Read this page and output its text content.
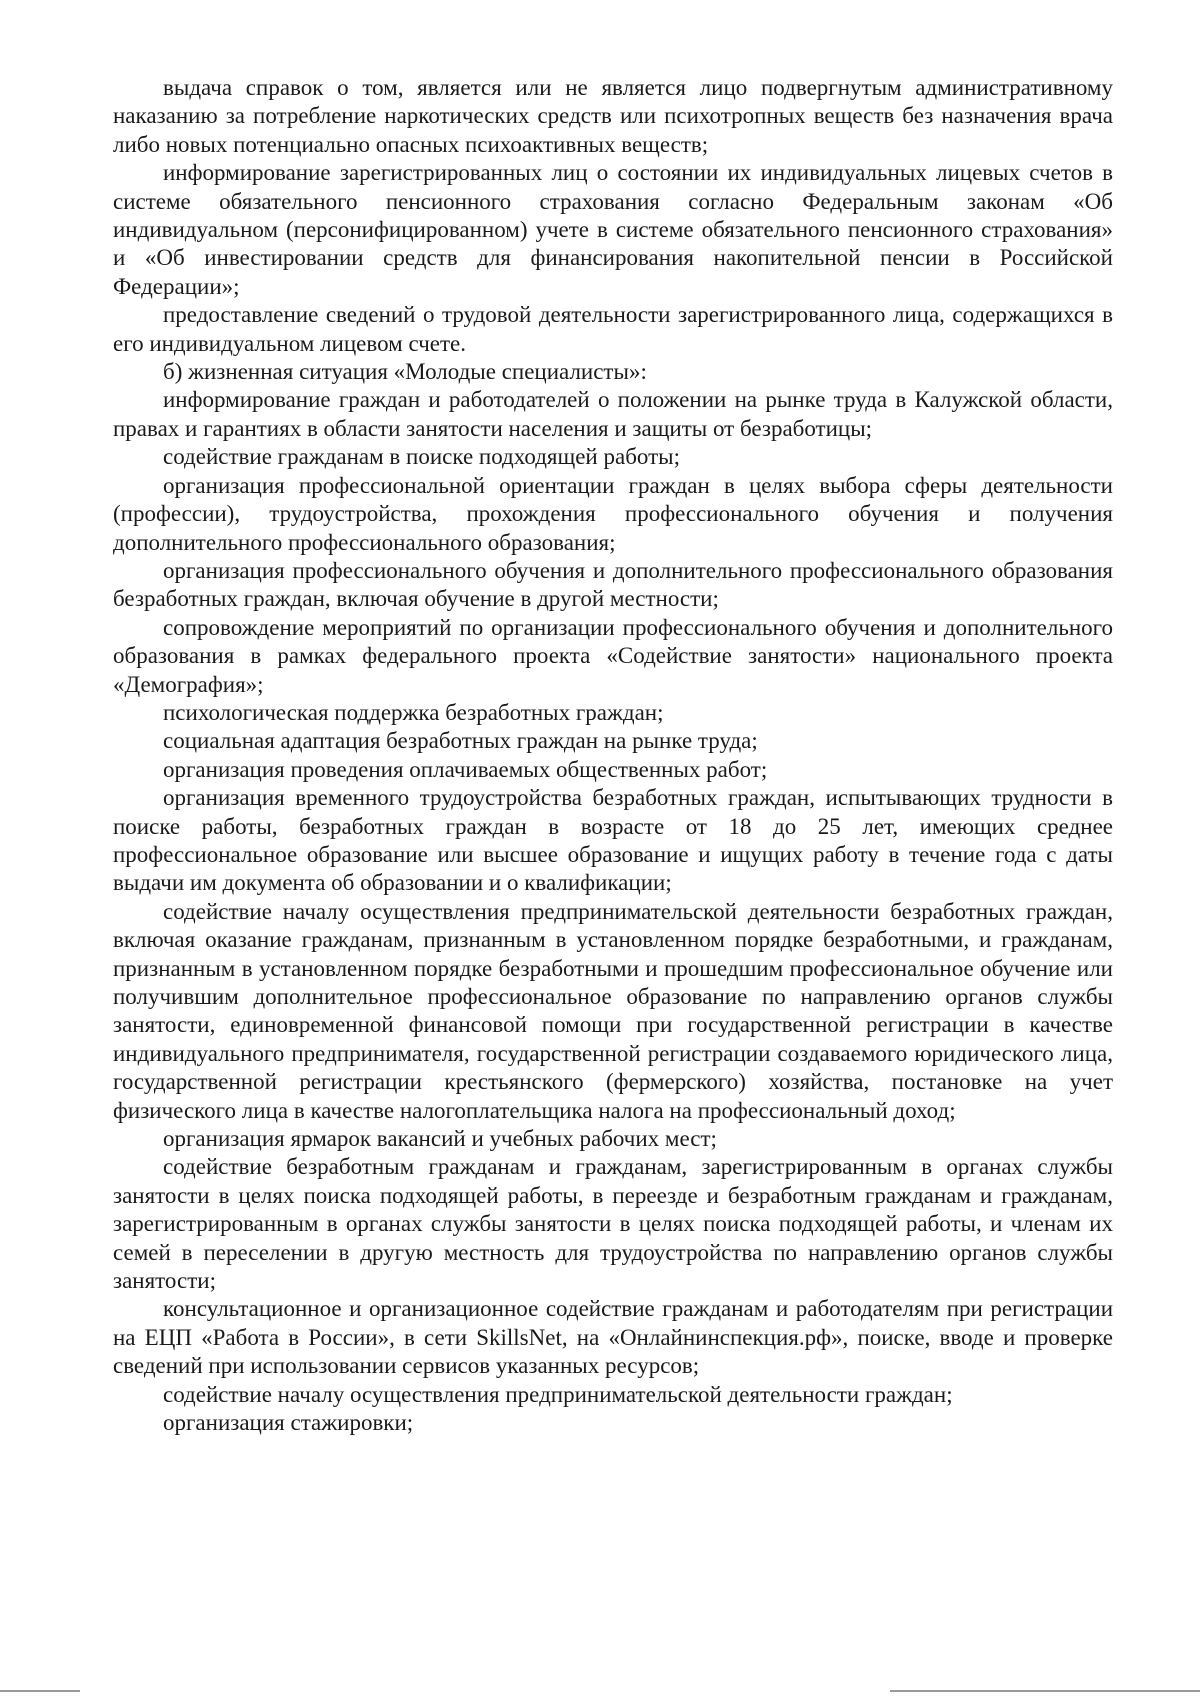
выдача справок о том, является или не является лицо подвергнутым административному наказанию за потребление наркотических средств или психотропных веществ без назначения врача либо новых потенциально опасных психоактивных веществ;

информирование зарегистрированных лиц о состоянии их индивидуальных лицевых счетов в системе обязательного пенсионного страхования согласно Федеральным законам «Об индивидуальном (персонифицированном) учете в системе обязательного пенсионного страхования» и «Об инвестировании средств для финансирования накопительной пенсии в Российской Федерации»;

предоставление сведений о трудовой деятельности зарегистрированного лица, содержащихся в его индивидуальном лицевом счете.

б) жизненная ситуация «Молодые специалисты»:

информирование граждан и работодателей о положении на рынке труда в Калужской области, правах и гарантиях в области занятости населения и защиты от безработицы;

содействие гражданам в поиске подходящей работы;

организация профессиональной ориентации граждан в целях выбора сферы деятельности (профессии), трудоустройства, прохождения профессионального обучения и получения дополнительного профессионального образования;

организация профессионального обучения и дополнительного профессионального образования безработных граждан, включая обучение в другой местности;

сопровождение мероприятий по организации профессионального обучения и дополнительного образования в рамках федерального проекта «Содействие занятости» национального проекта «Демография»;

психологическая поддержка безработных граждан;

социальная адаптация безработных граждан на рынке труда;

организация проведения оплачиваемых общественных работ;

организация временного трудоустройства безработных граждан, испытывающих трудности в поиске работы, безработных граждан в возрасте от 18 до 25 лет, имеющих среднее профессиональное образование или высшее образование и ищущих работу в течение года с даты выдачи им документа об образовании и о квалификации;

содействие началу осуществления предпринимательской деятельности безработных граждан, включая оказание гражданам, признанным в установленном порядке безработными, и гражданам, признанным в установленном порядке безработными и прошедшим профессиональное обучение или получившим дополнительное профессиональное образование по направлению органов службы занятости, единовременной финансовой помощи при государственной регистрации в качестве индивидуального предпринимателя, государственной регистрации создаваемого юридического лица, государственной регистрации крестьянского (фермерского) хозяйства, постановке на учет физического лица в качестве налогоплательщика налога на профессиональный доход;

организация ярмарок вакансий и учебных рабочих мест;

содействие безработным гражданам и гражданам, зарегистрированным в органах службы занятости в целях поиска подходящей работы, в переезде и безработным гражданам и гражданам, зарегистрированным в органах службы занятости в целях поиска подходящей работы, и членам их семей в переселении в другую местность для трудоустройства по направлению органов службы занятости;

консультационное и организационное содействие гражданам и работодателям при регистрации на ЕЦП «Работа в России», в сети SkillsNet, на «Онлайнинспекция.рф», поиске, вводе и проверке сведений при использовании сервисов указанных ресурсов;

содействие началу осуществления предпринимательской деятельности граждан;

организация стажировки;
